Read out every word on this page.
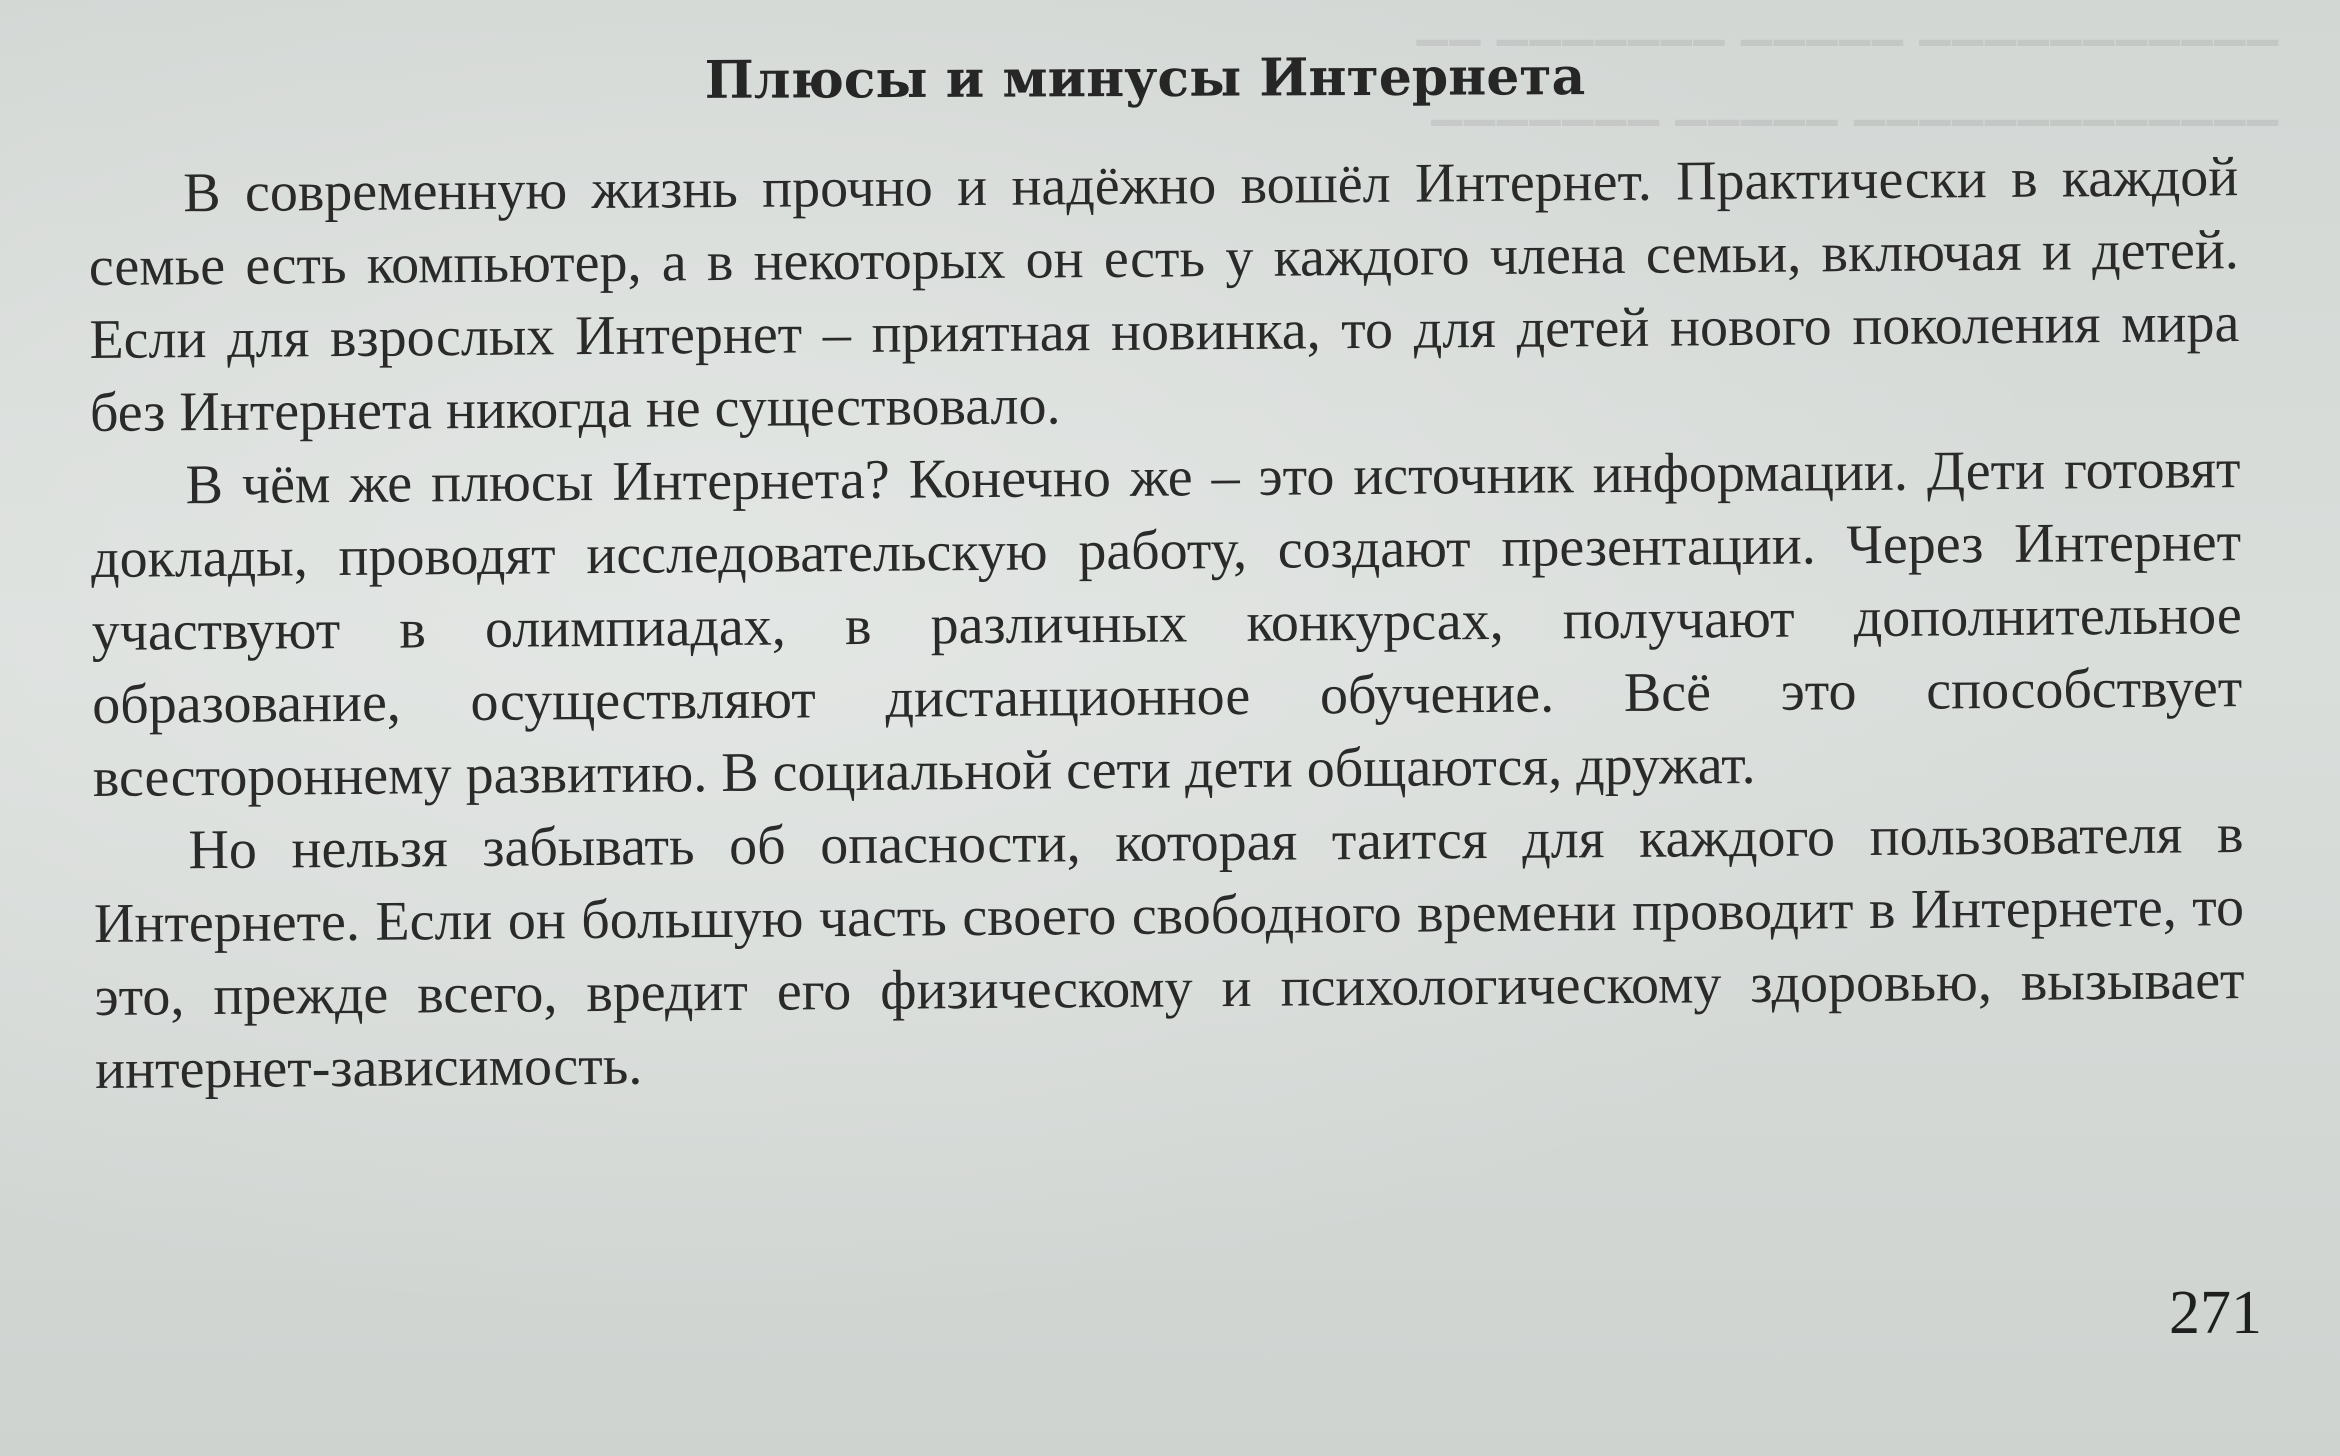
▁▁ ▁▁▁▁▁▁▁ ▁▁▁▁▁ ▁▁▁▁▁▁▁▁▁▁▁
▁▁▁▁▁▁▁ ▁▁▁▁▁ ▁▁▁▁▁▁▁▁▁▁▁▁▁
Плюсы и минусы Интернета

В современную жизнь прочно и надёжно вошёл Интернет. Практически в каждой семье есть компьютер, а в некоторых он есть у каждого члена семьи, включая и детей. Если для взрослых Интернет – приятная новинка, то для детей нового поколения мира без Интернета никогда не существовало.

В чём же плюсы Интернета? Конечно же – это источник информации. Дети готовят доклады, проводят исследовательскую работу, создают презентации. Через Интернет участвуют в олимпиадах, в различных конкурсах, получают дополнительное образование, осуществляют дистанционное обучение. Всё это способствует всестороннему развитию. В социальной сети дети общаются, дружат.

Но нельзя забывать об опасности, которая таится для каждого пользователя в Интернете. Если он большую часть своего свободного времени проводит в Интернете, то это, прежде всего, вредит его физическому и психологическому здоровью, вызывает интернет-зависимость.

271
